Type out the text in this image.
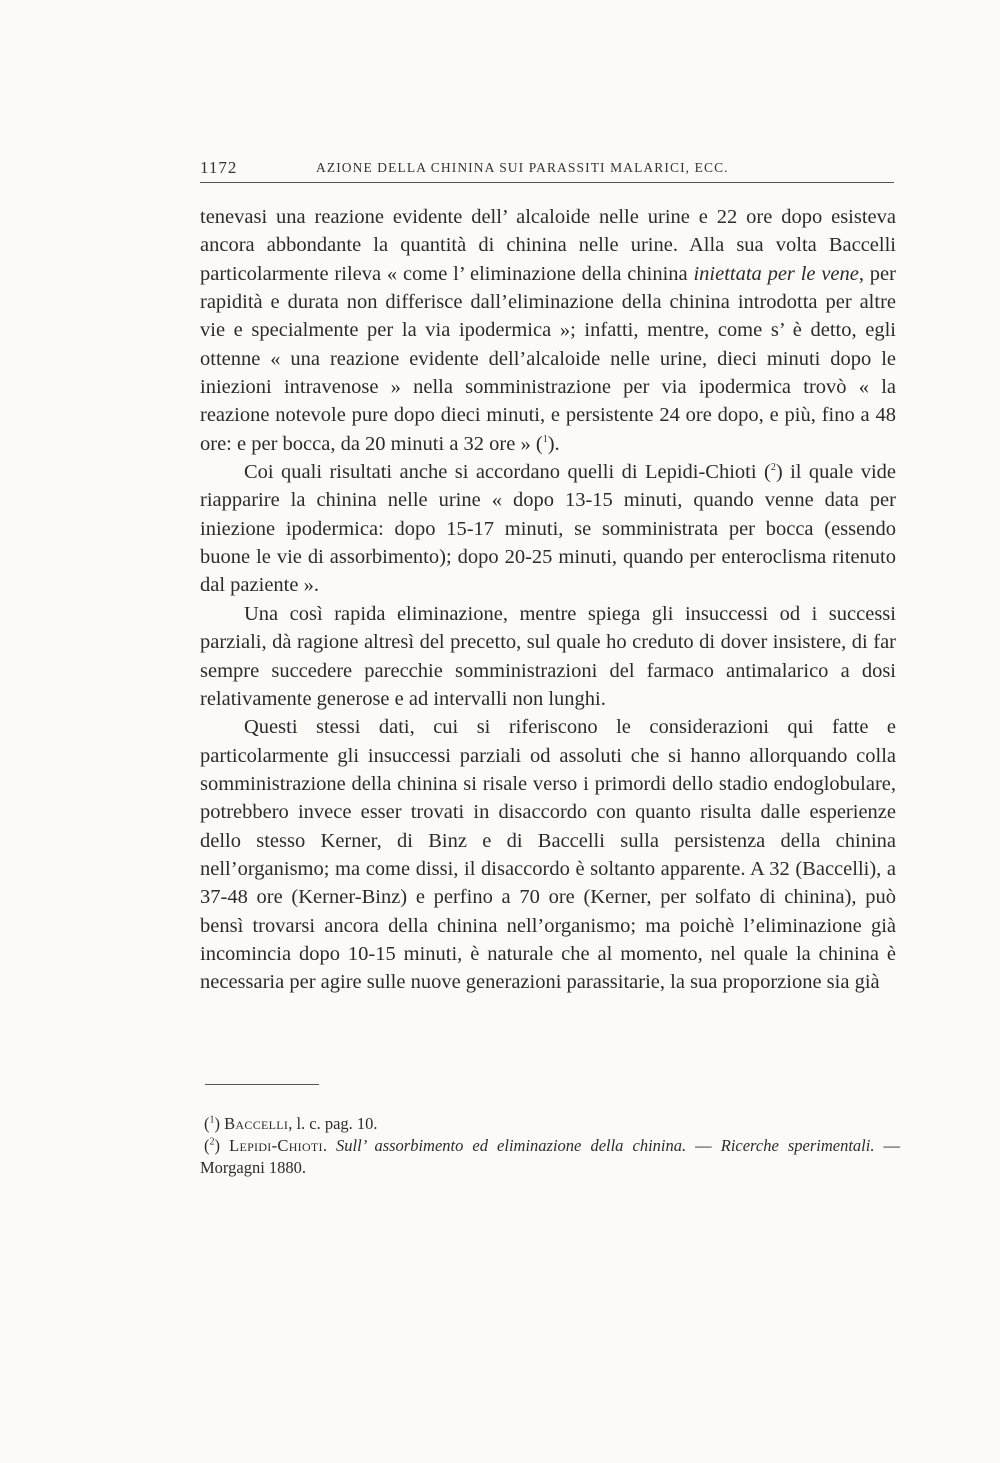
1172	AZIONE DELLA CHININA SUI PARASSITI MALARICI, ECC.

tenevasi una reazione evidente dell’ alcaloide nelle urine e 22 ore dopo esisteva ancora abbondante la quantità di chinina nelle urine. Alla sua volta Baccelli particolarmente rileva « come l’ eliminazione della chinina iniettata per le vene, per rapidità e durata non differisce dall’eliminazione della chinina introdotta per altre vie e specialmente per la via ipodermica »; infatti, mentre, come s’ è detto, egli ottenne « una reazione evidente dell’alcaloide nelle urine, dieci minuti dopo le iniezioni intravenose » nella somministrazione per via ipodermica trovò « la reazione notevole pure dopo dieci minuti, e persistente 24 ore dopo, e più, fino a 48 ore: e per bocca, da 20 minuti a 32 ore » ($^1$).

Coi quali risultati anche si accordano quelli di Lepidi-Chioti ($^2$) il quale vide riapparire la chinina nelle urine « dopo 13-15 minuti, quando venne data per iniezione ipodermica: dopo 15-17 minuti, se somministrata per bocca (essendo buone le vie di assorbimento); dopo 20-25 minuti, quando per enteroclisma ritenuto dal paziente ».

Una così rapida eliminazione, mentre spiega gli insuccessi od i successi parziali, dà ragione altresì del precetto, sul quale ho creduto di dover insistere, di far sempre succedere parecchie somministrazioni del farmaco antimalarico a dosi relativamente generose e ad intervalli non lunghi.

Questi stessi dati, cui si riferiscono le considerazioni qui fatte e particolarmente gli insuccessi parziali od assoluti che si hanno allorquando colla somministrazione della chinina si risale verso i primordi dello stadio endoglobulare, potrebbero invece esser trovati in disaccordo con quanto risulta dalle esperienze dello stesso Kerner, di Binz e di Baccelli sulla persistenza della chinina nell’organismo; ma come dissi, il disaccordo è soltanto apparente. A 32 (Baccelli), a 37-48 ore (Kerner-Binz) e perfino a 70 ore (Kerner, per solfato di chinina), può bensì trovarsi ancora della chinina nell’organismo; ma poichè l’eliminazione già incomincia dopo 10-15 minuti, è naturale che al momento, nel quale la chinina è necessaria per agire sulle nuove generazioni parassitarie, la sua proporzione sia già

($^1$) Baccelli, l. c. pag. 10.

($^2$) Lepidi-Chioti. Sull’ assorbimento ed eliminazione della chinina. — Ricerche sperimentali. — Morgagni 1880.
